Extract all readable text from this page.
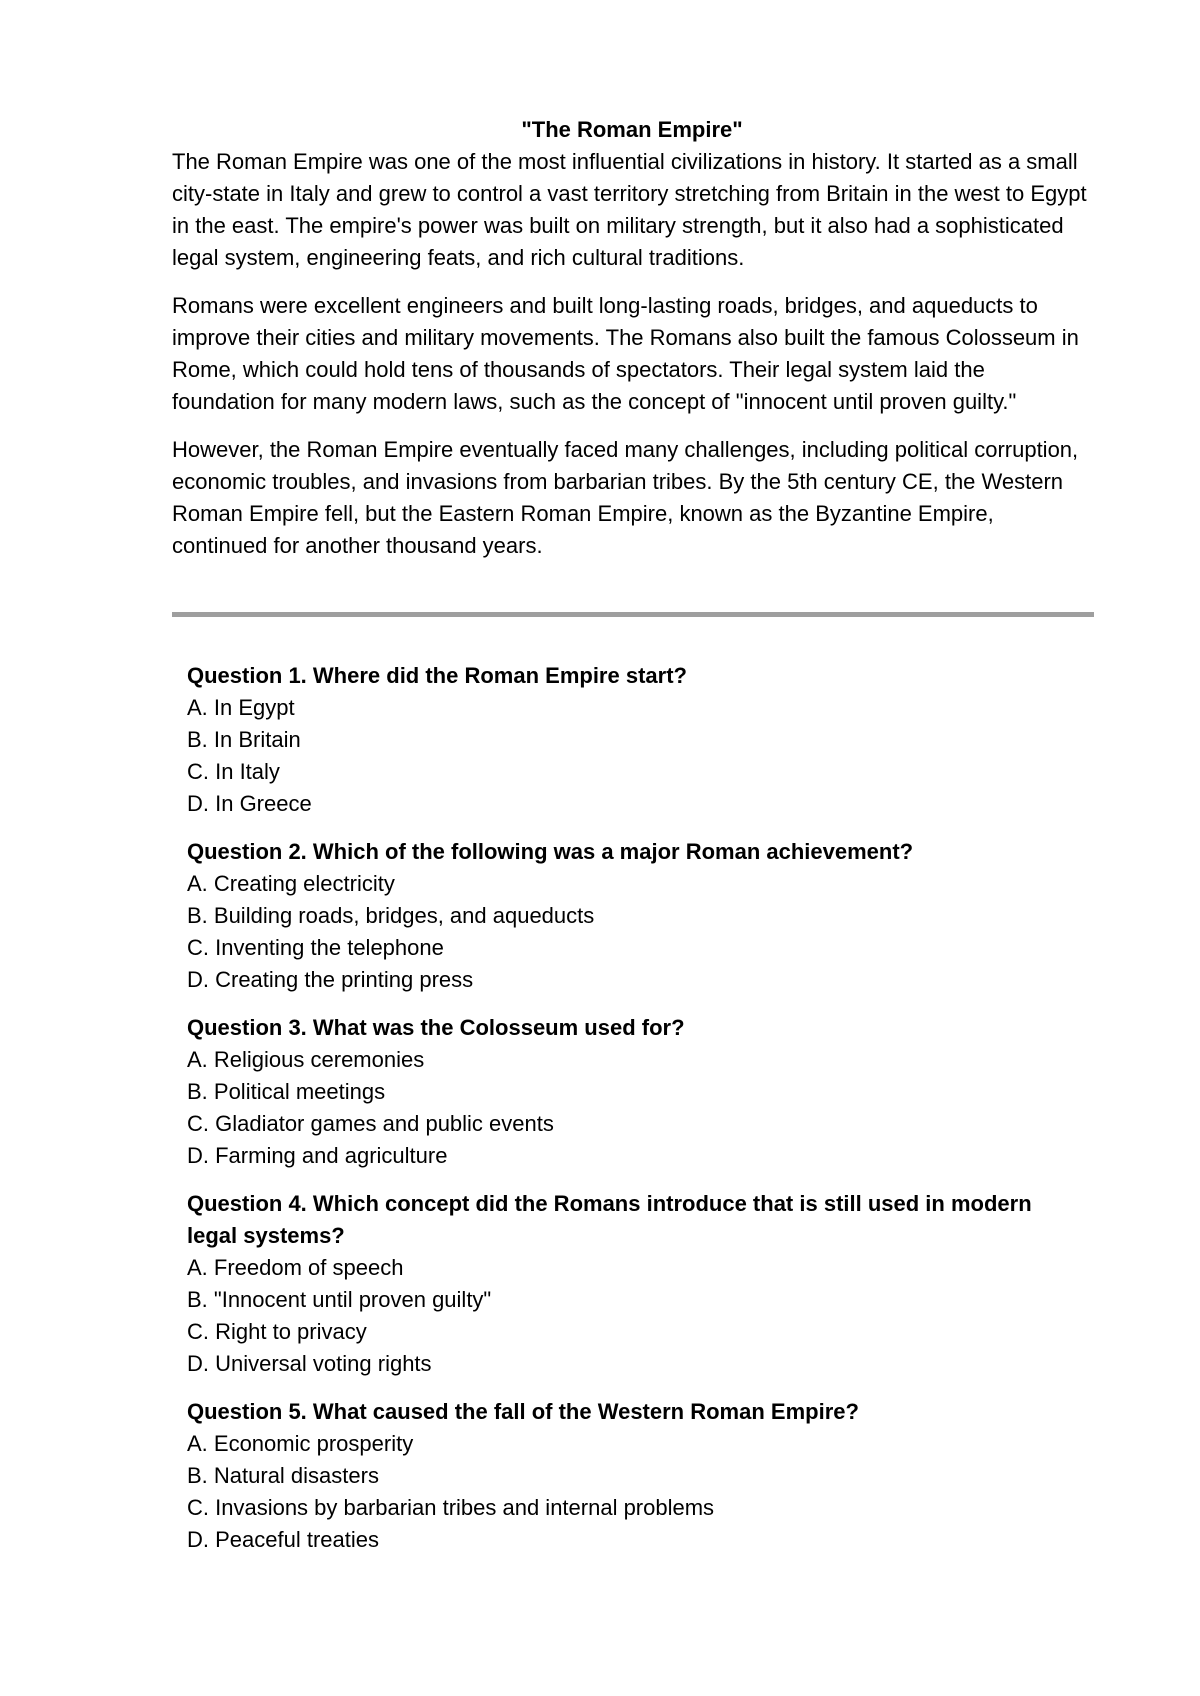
"The Roman Empire"

The Roman Empire was one of the most influential civilizations in history. It started as a small city-state in Italy and grew to control a vast territory stretching from Britain in the west to Egypt in the east. The empire's power was built on military strength, but it also had a sophisticated legal system, engineering feats, and rich cultural traditions.

Romans were excellent engineers and built long-lasting roads, bridges, and aqueducts to improve their cities and military movements. The Romans also built the famous Colosseum in Rome, which could hold tens of thousands of spectators. Their legal system laid the foundation for many modern laws, such as the concept of "innocent until proven guilty."

However, the Roman Empire eventually faced many challenges, including political corruption, economic troubles, and invasions from barbarian tribes. By the 5th century CE, the Western Roman Empire fell, but the Eastern Roman Empire, known as the Byzantine Empire, continued for another thousand years.

Question 1. Where did the Roman Empire start?

A. In Egypt

B. In Britain

C. In Italy

D. In Greece

Question 2. Which of the following was a major Roman achievement?

A. Creating electricity

B. Building roads, bridges, and aqueducts

C. Inventing the telephone

D. Creating the printing press

Question 3. What was the Colosseum used for?

A. Religious ceremonies

B. Political meetings

C. Gladiator games and public events

D. Farming and agriculture

Question 4. Which concept did the Romans introduce that is still used in modern legal systems?

A. Freedom of speech

B. "Innocent until proven guilty"

C. Right to privacy

D. Universal voting rights

Question 5. What caused the fall of the Western Roman Empire?

A. Economic prosperity

B. Natural disasters

C. Invasions by barbarian tribes and internal problems

D. Peaceful treaties
